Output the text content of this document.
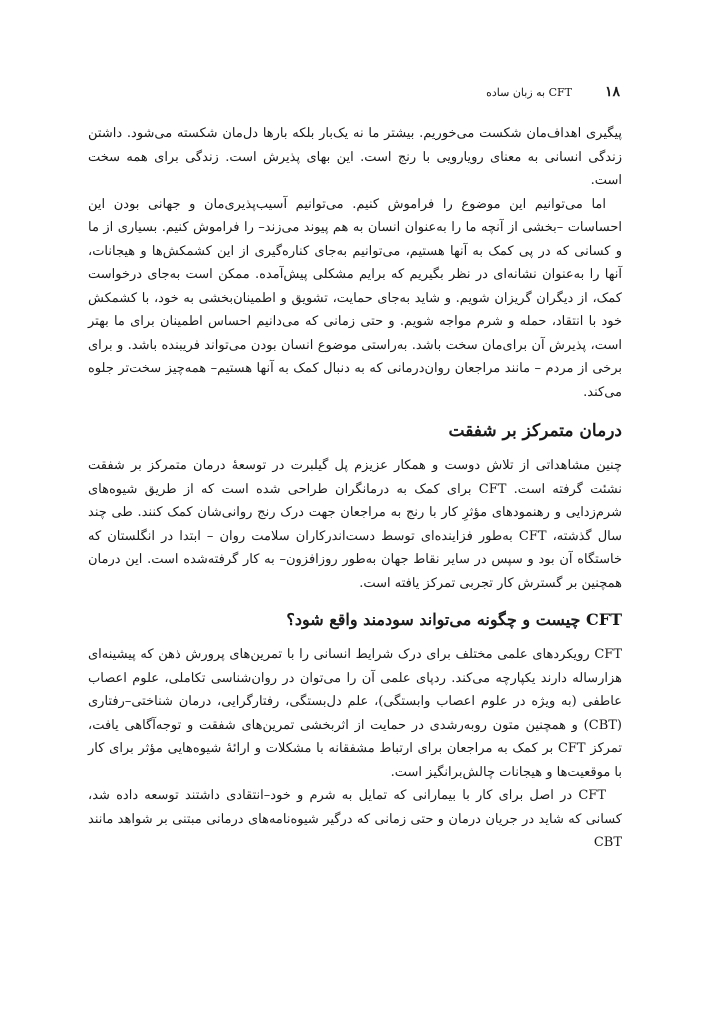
۱۸
CFT به زبان ساده

پیگیری اهداف‌مان شکست می‌خوریم. بیشتر ما نه یک‌بار بلکه بارها دل‌مان شکسته می‌شود. داشتن زندگی انسانی به معنای رویارویی با رنج است. این بهای پذیرش است. زندگی برای همه سخت است.

اما می‌توانیم این موضوع را فراموش کنیم. می‌توانیم آسیب‌پذیری‌مان و جهانی بودن این احساسات –بخشی از آنچه ما را به‌عنوان انسان به هم پیوند می‌زند– را فراموش کنیم. بسیاری از ما و کسانی که در پی کمک به آنها هستیم، می‌توانیم به‌جای کناره‌گیری از این کشمکش‌ها و هیجانات، آنها را به‌عنوان نشانه‌ای در نظر بگیریم که برایم مشکلی پیش‌آمده. ممکن است به‌جای درخواست کمک، از دیگران گریزان شویم. و شاید به‌جای حمایت، تشویق و اطمینان‌بخشی به خود، با کشمکش خود با انتقاد، حمله و شرم مواجه شویم. و حتی زمانی که می‌دانیم احساس اطمینان برای ما بهتر است، پذیرش آن برای‌مان سخت باشد. به‌راستی موضوع انسان بودن می‌تواند فریبنده باشد. و برای برخی از مردم – مانند مراجعان روان‌درمانی که به دنبال کمک به آنها هستیم– همه‌چیز سخت‌تر جلوه می‌کند.

درمان متمرکز بر شفقت

چنین مشاهداتی از تلاش دوست و همکار عزیزم پل گیلبرت در توسعهٔ درمان متمرکز بر شفقت نشئت گرفته است. CFT برای کمک به درمانگران طراحی شده است که از طریق شیوه‌های شرم‌زدایی و رهنمودهای مؤثرِ کار با رنج به مراجعان جهت درک رنج روانی‌شان کمک کنند. طی چند سال گذشته، CFT به‌طور فزاینده‌ای توسط دست‌اندرکاران سلامت روان – ابتدا در انگلستان که خاستگاه آن بود و سپس در سایر نقاط جهان به‌طور روزافزون– به کار گرفته‌شده است. این درمان همچنین بر گسترش کار تجربی تمرکز یافته است.

CFT چیست و چگونه می‌تواند سودمند واقع شود؟

CFT رویکردهای علمی مختلف برای درک شرایط انسانی را با تمرین‌های پرورش ذهن که پیشینه‌ای هزارساله دارند یکپارچه می‌کند. ردپای علمی آن را می‌توان در روان‌شناسی تکاملی، علوم اعصاب عاطفی (به ویژه در علوم اعصاب وابستگی)، علم دل‌بستگی، رفتارگرایی، درمان شناختی–رفتاری (CBT) و همچنین متون روبه‌رشدی در حمایت از اثربخشی تمرین‌های شفقت و توجه‌آگاهی یافت، تمرکز CFT بر کمک به مراجعان برای ارتباط مشفقانه با مشکلات و ارائهٔ شیوه‌هایی مؤثر برای کار با موقعیت‌ها و هیجانات چالش‌برانگیز است.

CFT در اصل برای کار با بیمارانی که تمایل به شرم و خود–انتقادی داشتند توسعه داده شد، کسانی که شاید در جریان درمان و حتی زمانی که درگیر شیوه‌نامه‌های درمانی مبتنی بر شواهد مانند CBT
